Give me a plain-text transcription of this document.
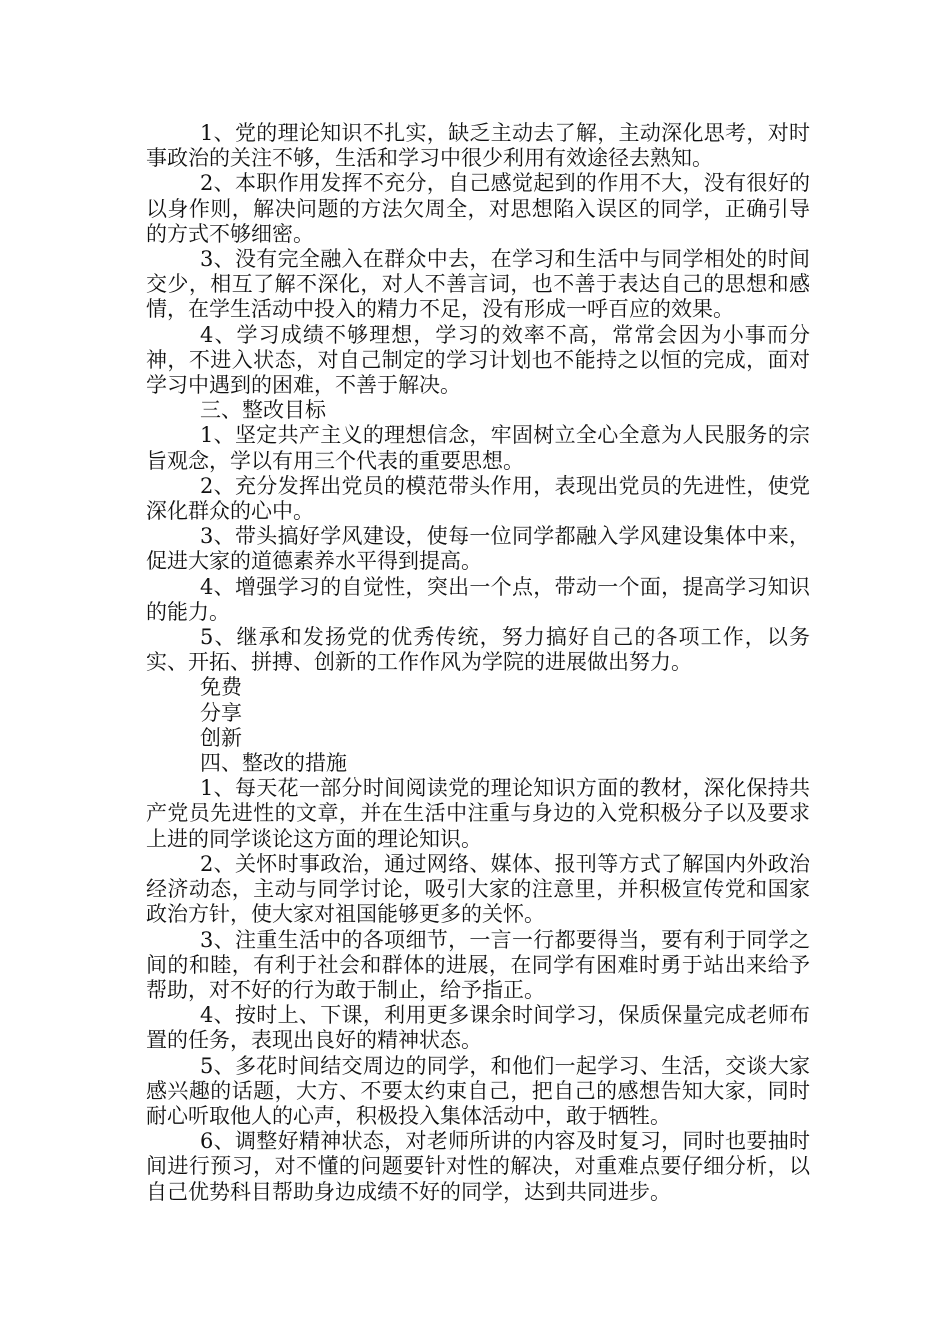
1、党的理论知识不扎实，缺乏主动去了解，主动深化思考，对时事政治的关注不够，生活和学习中很少利用有效途径去熟知。

2、本职作用发挥不充分，自己感觉起到的作用不大，没有很好的以身作则，解决问题的方法欠周全，对思想陷入误区的同学，正确引导的方式不够细密。

3、没有完全融入在群众中去，在学习和生活中与同学相处的时间交少，相互了解不深化，对人不善言词，也不善于表达自己的思想和感情，在学生活动中投入的精力不足，没有形成一呼百应的效果。

4、学习成绩不够理想，学习的效率不高，常常会因为小事而分神，不进入状态，对自己制定的学习计划也不能持之以恒的完成，面对学习中遇到的困难，不善于解决。

三、整改目标

1、坚定共产主义的理想信念，牢固树立全心全意为人民服务的宗旨观念，学以有用三个代表的重要思想。

2、充分发挥出党员的模范带头作用，表现出党员的先进性，使党深化群众的心中。

3、带头搞好学风建设，使每一位同学都融入学风建设集体中来，促进大家的道德素养水平得到提高。

4、增强学习的自觉性，突出一个点，带动一个面，提高学习知识的能力。

5、继承和发扬党的优秀传统，努力搞好自己的各项工作，以务实、开拓、拼搏、创新的工作作风为学院的进展做出努力。

免费

分享

创新

四、整改的措施

1、每天花一部分时间阅读党的理论知识方面的教材，深化保持共产党员先进性的文章，并在生活中注重与身边的入党积极分子以及要求上进的同学谈论这方面的理论知识。

2、关怀时事政治，通过网络、媒体、报刊等方式了解国内外政治经济动态，主动与同学讨论，吸引大家的注意里，并积极宣传党和国家政治方针，使大家对祖国能够更多的关怀。

3、注重生活中的各项细节，一言一行都要得当，要有利于同学之间的和睦，有利于社会和群体的进展，在同学有困难时勇于站出来给予帮助，对不好的行为敢于制止，给予指正。

4、按时上、下课，利用更多课余时间学习，保质保量完成老师布置的任务，表现出良好的精神状态。

5、多花时间结交周边的同学，和他们一起学习、生活，交谈大家感兴趣的话题，大方、不要太约束自己，把自己的感想告知大家，同时耐心听取他人的心声，积极投入集体活动中，敢于牺牲。

6、调整好精神状态，对老师所讲的内容及时复习，同时也要抽时间进行预习，对不懂的问题要针对性的解决，对重难点要仔细分析，以自己优势科目帮助身边成绩不好的同学，达到共同进步。
